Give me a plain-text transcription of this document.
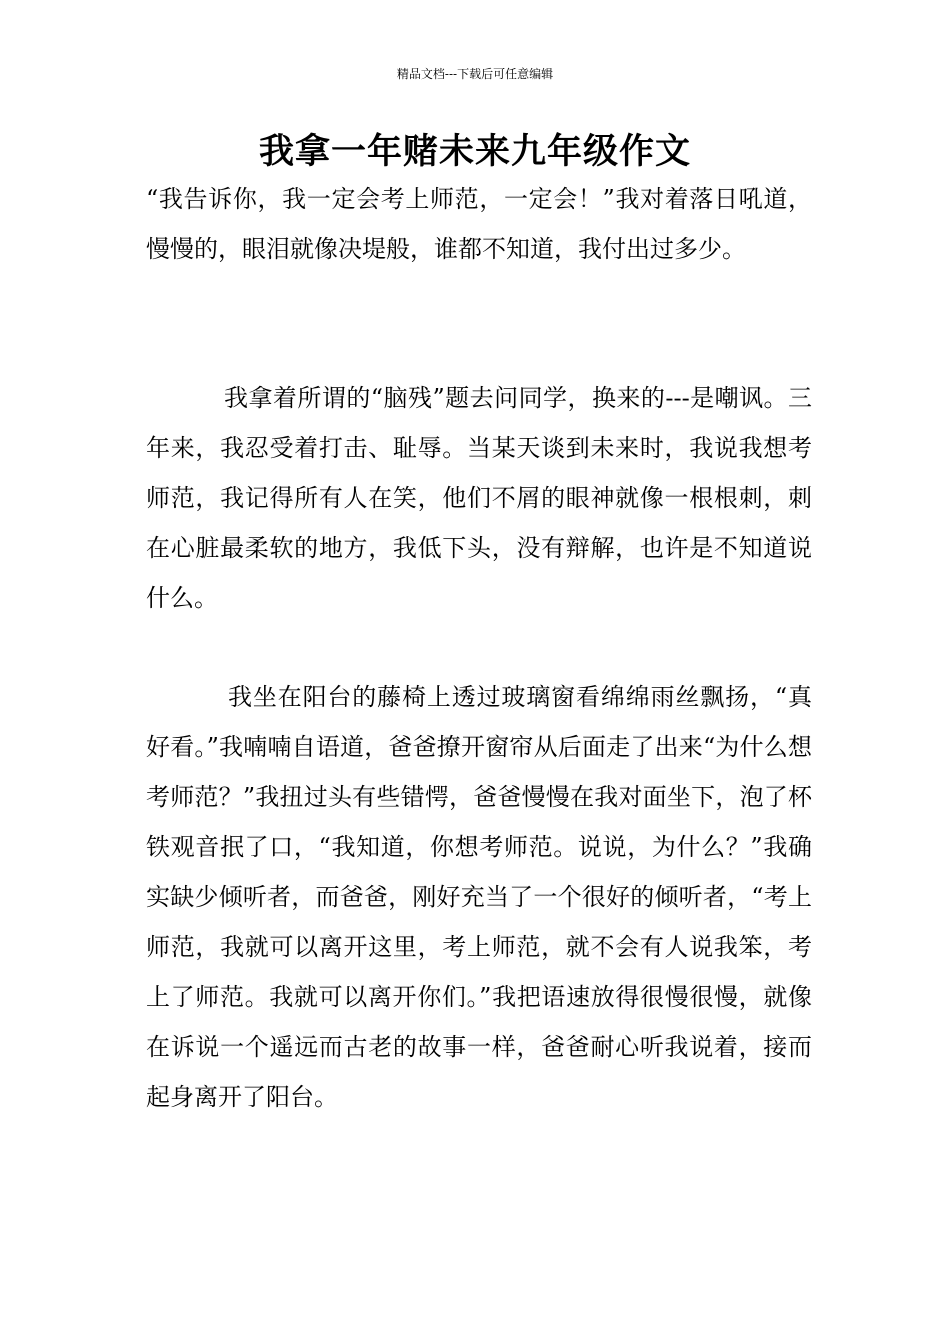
精品文档---下载后可任意编辑
我拿一年赌未来九年级作文

“我告诉你，我一定会考上师范，一定会！”我对着落日吼道，慢慢的，眼泪就像决堤般，谁都不知道，我付出过多少。

我拿着所谓的“脑残”题去问同学，换来的---是嘲讽。三年来，我忍受着打击、耻辱。当某天谈到未来时，我说我想考师范，我记得所有人在笑，他们不屑的眼神就像一根根刺，刺在心脏最柔软的地方，我低下头，没有辩解，也许是不知道说什么。

我坐在阳台的藤椅上透过玻璃窗看绵绵雨丝飘扬，“真好看。”我喃喃自语道，爸爸撩开窗帘从后面走了出来“为什么想考师范？”我扭过头有些错愕，爸爸慢慢在我对面坐下，泡了杯铁观音抿了口，“我知道，你想考师范。说说，为什么？”我确实缺少倾听者，而爸爸，刚好充当了一个很好的倾听者，“考上师范，我就可以离开这里，考上师范，就不会有人说我笨，考上了师范。我就可以离开你们。”我把语速放得很慢很慢，就像在诉说一个遥远而古老的故事一样，爸爸耐心听我说着，接而起身离开了阳台。
